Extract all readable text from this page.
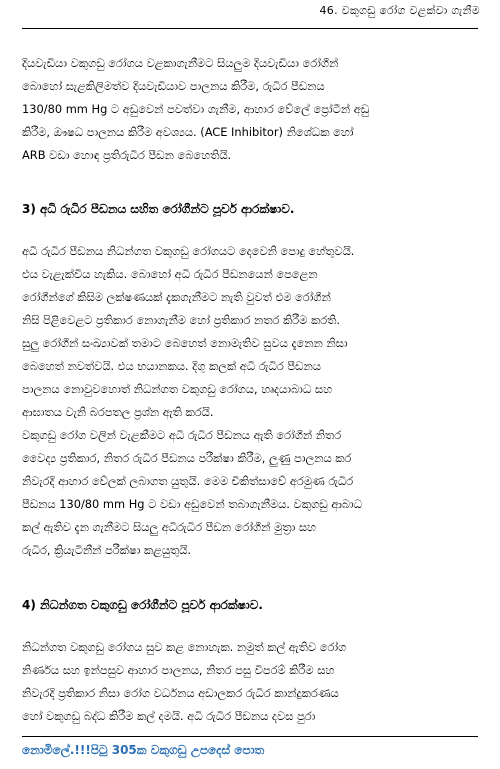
46. වකුගඩු රෝග වළක්වා ගැනීම
දියවැඩියා වකුගඩු රෝගය වළකාගැනීමට සියලුම දියවැඩියා රෝගීන්
බොහෝ සැළකිලිමත්ව දියවැඩියාව පාලනය කිරීම, රුධිර පීඩනය
130/80 mm Hg ට අඩුවෙන් පවත්වා ගැනීම, ආහාර වේලේ ප්‍රෝටීන් අඩු
කිරීම, ඖෂධ පාලනය කිරීම අවශ්‍යය. (ACE Inhibitor) නිශේධක හෝ
ARB වඩා හොඳ ප්‍රතිරුධිර පීඩන බෙහෙතියි.
3) අධි රුධිර පීඩනය සහිත රෝගීන්ට පූර්ව ආරක්ෂාව.
අධි රුධිර පීඩනය නිධන්ගත වකුගඩු රෝගයට දෙවෙනි පොදු හේතුවයි.
එය වැළැක්විය හැකිය. බොහෝ අධි රුධිර පීඩනයෙන් පෙළෙන
රෝගීන්ගේ කිසිම ලක්ෂණයක් දැකගැනීමට නැති වුවත් එම රෝගීන්
නිසි පිළිවෙළට ප්‍රතිකාර නොගැනීම හෝ ප්‍රතිකාර නතර කිරීම කරති.
සුලු රෝගීන් සංඛ්‍යාවක් තමාට බෙහෙත් නොමැතිව සුවය දැනෙන නිසා
බෙහෙත් නවත්වයි. එය භයානකය. දිගු කලක් අධි රුධිර පීඩනය
පාලනය නොවුවහොත් නිධන්ගත වකුගඩු රෝගය, හෘදයාබාධ සහ
ආඝාතය වැනි බරපතල ප්‍රශ්න ඇති කරයි.
වකුගඩු රෝග වලින් වැළකීමට අධි රුධිර පීඩනය ඇති රෝගීන් නිතර
වෛද්‍ය ප්‍රතිකාර, නිතර රුධිර පීඩනය පරීක්ෂා කිරීම, ලුණු පාලනය කර
නිවැරදි ආහාර වේලක් ලබාගත යුතුයි. මෙම චිකිත්සාවේ අරමුණ රුධිර
පීඩනය 130/80 mm Hg ට වඩා අඩුවෙන් තබාගැනීමය. වකුගඩු ආබාධ
කල් ඇතිව දැන ගැනීමට සියලු අධිරුධිර පීඩන රෝගීන් මුත්‍රා සහ
රුධිර, ක්‍රියැටිනීන් පරීක්ෂා කළයුතුයි.
4) නිධන්ගත වකුගඩු රෝගීන්ට පූර්ව ආරක්ෂාව.
නිධන්ගත වකුගඩු රෝගය සුව කළ නොහැක. නමුත් කල් ඇතිව රෝග
නිර්ණය සහ ඉන්පසුව ආහාර පාලනය, නිතර පසු විපරම් කිරීම සහ
නිවැරදි ප්‍රතිකාර නිසා රෝග වර්ධනය අඩාලකර රුධිර කාන්දුකරණය
හෝ වකුගඩු බද්ධ කිරීම කල් දමයි. අධි රුධිර පීඩනය දවස පුරා
නොමිලේ.!!!පිටු 305ක වකුගඩු උපදෙස් පොත
